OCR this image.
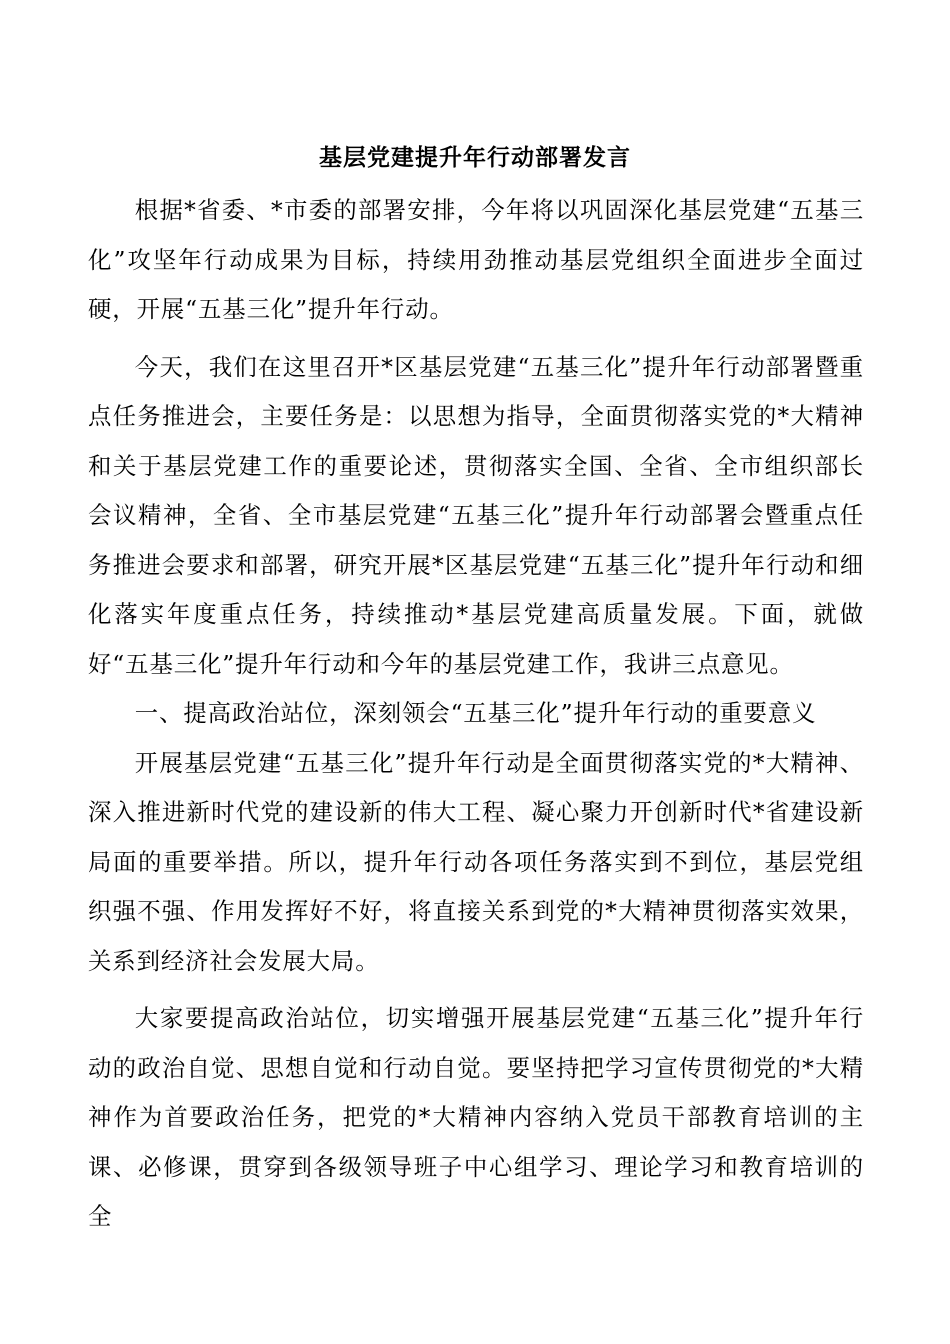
基层党建提升年行动部署发言

根据*省委、*市委的部署安排，今年将以巩固深化基层党建“五基三化”攻坚年行动成果为目标，持续用劲推动基层党组织全面进步全面过硬，开展“五基三化”提升年行动。

今天，我们在这里召开*区基层党建“五基三化”提升年行动部署暨重点任务推进会，主要任务是：以思想为指导，全面贯彻落实党的*大精神和关于基层党建工作的重要论述，贯彻落实全国、全省、全市组织部长会议精神，全省、全市基层党建“五基三化”提升年行动部署会暨重点任务推进会要求和部署，研究开展*区基层党建“五基三化”提升年行动和细化落实年度重点任务，持续推动*基层党建高质量发展。下面，就做好“五基三化”提升年行动和今年的基层党建工作，我讲三点意见。

一、提高政治站位，深刻领会“五基三化”提升年行动的重要意义

开展基层党建“五基三化”提升年行动是全面贯彻落实党的*大精神、深入推进新时代党的建设新的伟大工程、凝心聚力开创新时代*省建设新局面的重要举措。所以，提升年行动各项任务落实到不到位，基层党组织强不强、作用发挥好不好，将直接关系到党的*大精神贯彻落实效果，关系到经济社会发展大局。

大家要提高政治站位，切实增强开展基层党建“五基三化”提升年行动的政治自觉、思想自觉和行动自觉。要坚持把学习宣传贯彻党的*大精神作为首要政治任务，把党的*大精神内容纳入党员干部教育培训的主课、必修课，贯穿到各级领导班子中心组学习、理论学习和教育培训的全
